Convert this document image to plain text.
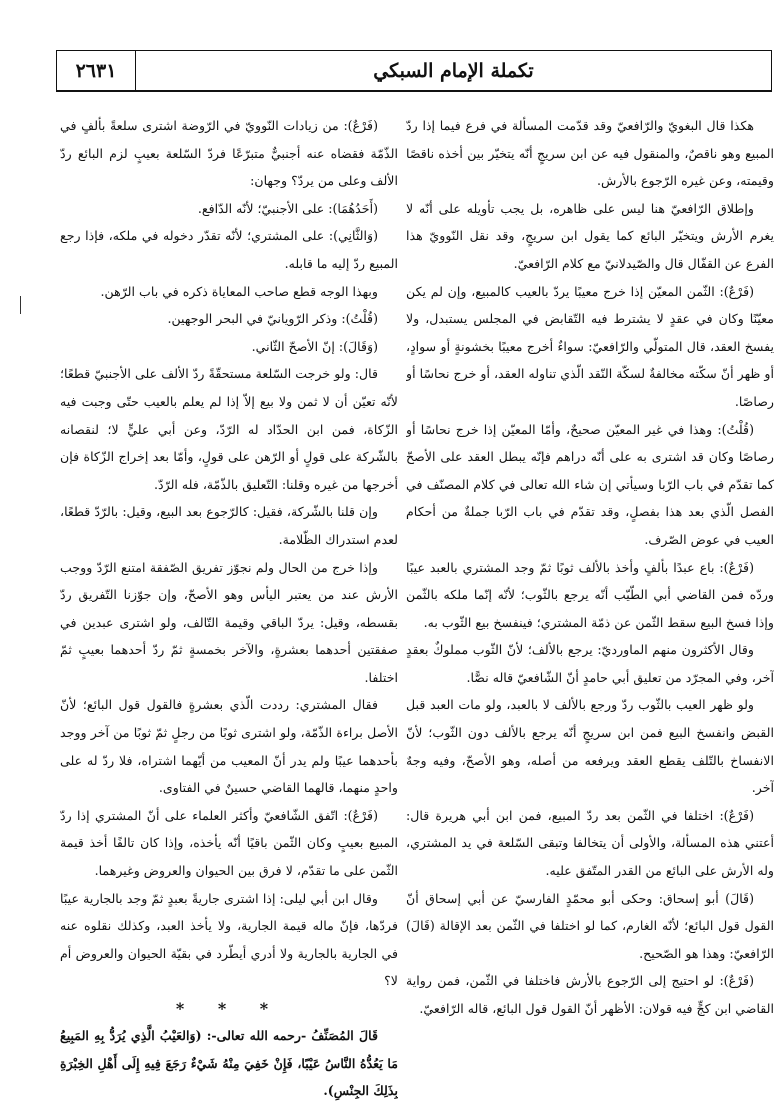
تكملة الإمام السبكي
٢٦٣١

هكذا قال البغويّ والرّافعيّ وقد قدّمت المسألة في فرع فيما إذا ردّ المبيع وهو ناقصٌ، والمنقول فيه عن ابن سريجٍ أنّه يتخيّر بين أخذه ناقصًا وقيمته، وعن غيره الرّجوع بالأرش.

وإطلاق الرّافعيّ هنا ليس على ظاهره، بل يجب تأويله على أنّه لا يغرم الأرش ويتخيّر البائع كما يقول ابن سريجٍ، وقد نقل النّوويّ هذا الفرع عن القفّال قال والصّيدلانيّ مع كلام الرّافعيّ.

(فَرْعٌ): الثّمن المعيّن إذا خرج معيبًا يردّ بالعيب كالمبيع، وإن لم يكن معيّنًا وكان في عقدٍ لا يشترط فيه التّقابض في المجلس يستبدل، ولا يفسخ العقد، قال المتولّي والرّافعيّ: سواءٌ أخرج معيبًا بخشونةٍ أو سوادٍ، أو ظهر أنّ سكّته مخالفةٌ لسكّة النّقد الّذي تناوله العقد، أو خرج نحاسًا أو رصاصًا.

(قُلْتُ): وهذا في غير المعيّن صحيحٌ، وأمّا المعيّن إذا خرج نحاسًا أو رصاصًا وكان قد اشترى به على أنّه دراهم فإنّه يبطل العقد على الأصحّ كما تقدّم في باب الرّبا وسيأتي إن شاء الله تعالى في كلام المصنّف في الفصل الّذي بعد هذا بفصلٍ، وقد تقدّم في باب الرّبا جملةٌ من أحكام العيب في عوض الصّرف.

(فَرْعٌ): باع عبدًا بألفٍ وأخذ بالألف ثوبًا ثمّ وجد المشتري بالعبد عيبًا وردّه فمن القاضي أبي الطّيّب أنّه يرجع بالثّوب؛ لأنّه إنّما ملكه بالثّمن وإذا فسخ البيع سقط الثّمن عن ذمّة المشتري؛ فينفسخ بيع الثّوب به.

وقال الأكثرون منهم الماورديّ: يرجع بالألف؛ لأنّ الثّوب مملوكٌ بعقدٍ آخر، وفي المجرّد من تعليق أبي حامدٍ أنّ الشّافعيّ قاله نصًّا.

ولو ظهر العيب بالثّوب ردّ ورجع بالألف لا بالعبد، ولو مات العبد قبل القبض وانفسخ البيع فمن ابن سريجٍ أنّه يرجع بالألف دون الثّوب؛ لأنّ الانفساخ بالتّلف يقطع العقد ويرفعه من أصله، وهو الأصحّ، وفيه وجهٌ آخر.

(فَرْعٌ): اختلفا في الثّمن بعد ردّ المبيع، فمن ابن أبي هريرة قال: أعتني هذه المسألة، والأولى أن يتخالفا وتبقى السّلعة في يد المشتري، وله الأرش على البائع من القدر المتّفق عليه.

(قَالَ) أبو إسحاق: وحكى أبو محمّدٍ الفارسيّ عن أبي إسحاق أنّ القول قول البائع؛ لأنّه الغارم، كما لو اختلفا في الثّمن بعد الإقالة (قَالَ) الرّافعيّ: وهذا هو الصّحيح.

(فَرْعٌ): لو احتيج إلى الرّجوع بالأرش فاختلفا في الثّمن، فمن رواية القاضي ابن كجٍّ فيه قولان: الأظهر أنّ القول قول البائع، قاله الرّافعيّ.

(فَرْعٌ): من زيادات النّوويّ في الرّوضة اشترى سلعةً بألفٍ في الذّمّة فقضاه عنه أجنبيٌّ متبرّعًا فردّ السّلعة بعيبٍ لزم البائع ردّ الألف وعلى من يردّ؟ وجهان:

(أَحَدُهُمَا): على الأجنبيّ؛ لأنّه الدّافع.

(وَالثَّانِي): على المشتري؛ لأنّه تقدّر دخوله في ملكه، فإذا رجع المبيع ردّ إليه ما قابله.

وبهذا الوجه قطع صاحب المعاياة ذكره في باب الرّهن.

(قُلْتُ): وذكر الرّويانيّ في البحر الوجهين.

(وَقَالَ): إنّ الأصحّ الثّاني.

قال: ولو خرجت السّلعة مستحقّةً ردّ الألف على الأجنبيّ قطعًا؛ لأنّه تعيّن أن لا ثمن ولا بيع إلاّ إذا لم يعلم بالعيب حتّى وجبت فيه الزّكاة، فمن ابن الحدّاد له الرّدّ، وعن أبي عليٍّ لا؛ لنقصانه بالشّركة على قولٍ أو الرّهن على قولٍ، وأمّا بعد إخراج الزّكاة فإن أخرجها من غيره وقلنا: التّعليق بالذّمّة، فله الرّدّ.

وإن قلنا بالشّركة، فقيل: كالرّجوع بعد البيع، وقيل: بالرّدّ قطعًا، لعدم استدراك الظّلامة.

وإذا خرج من الحال ولم نجوّز تفريق الصّفقة امتنع الرّدّ ووجب الأرش عند من يعتبر اليأس وهو الأصحّ، وإن جوّزنا التّفريق ردّ بقسطه، وقيل: يردّ الباقي وقيمة التّالف، ولو اشترى عبدين في صفقتين أحدهما بعشرةٍ، والآخر بخمسةٍ ثمّ ردّ أحدهما بعيبٍ ثمّ اختلفا.

فقال المشتري: رددت الّذي بعشرةٍ فالقول قول البائع؛ لأنّ الأصل براءة الذّمّة، ولو اشترى ثوبًا من رجلٍ ثمّ ثوبًا من آخر ووجد بأحدهما عيبًا ولم يدر أنّ المعيب من أيّهما اشتراه، فلا ردّ له على واحدٍ منهما، قالهما القاضي حسينٌ في الفتاوى.

(فَرْعٌ): اتّفق الشّافعيّ وأكثر العلماء على أنّ المشتري إذا ردّ المبيع بعيبٍ وكان الثّمن باقيًا أنّه يأخذه، وإذا كان تالفًا أخذ قيمة الثّمن على ما تقدّم، لا فرق بين الحيوان والعروض وغيرهما.

وقال ابن أبي ليلى: إذا اشترى جاريةً بعبدٍ ثمّ وجد بالجارية عيبًا فردّها، فإنّ ماله قيمة الجارية، ولا يأخذ العبد، وكذلك نقلوه عنه في الجارية بالجارية ولا أدري أيطّرد في بقيّة الحيوان والعروض أم لا؟

* * *

قَالَ المُصَنِّفُ -رحمه الله تعالى-: (وَالعَيْبُ الَّذِي يُرَدُّ بِهِ المَبِيعُ مَا يَعُدُّهُ النَّاسُ عَيْبًا، فَإِنْ خَفِيَ مِنْهُ شَيْءٌ رَجَعَ فِيهِ إِلَى أَهْلِ الخِبْرَةِ بِذَلِكَ الجِنْسِ).
